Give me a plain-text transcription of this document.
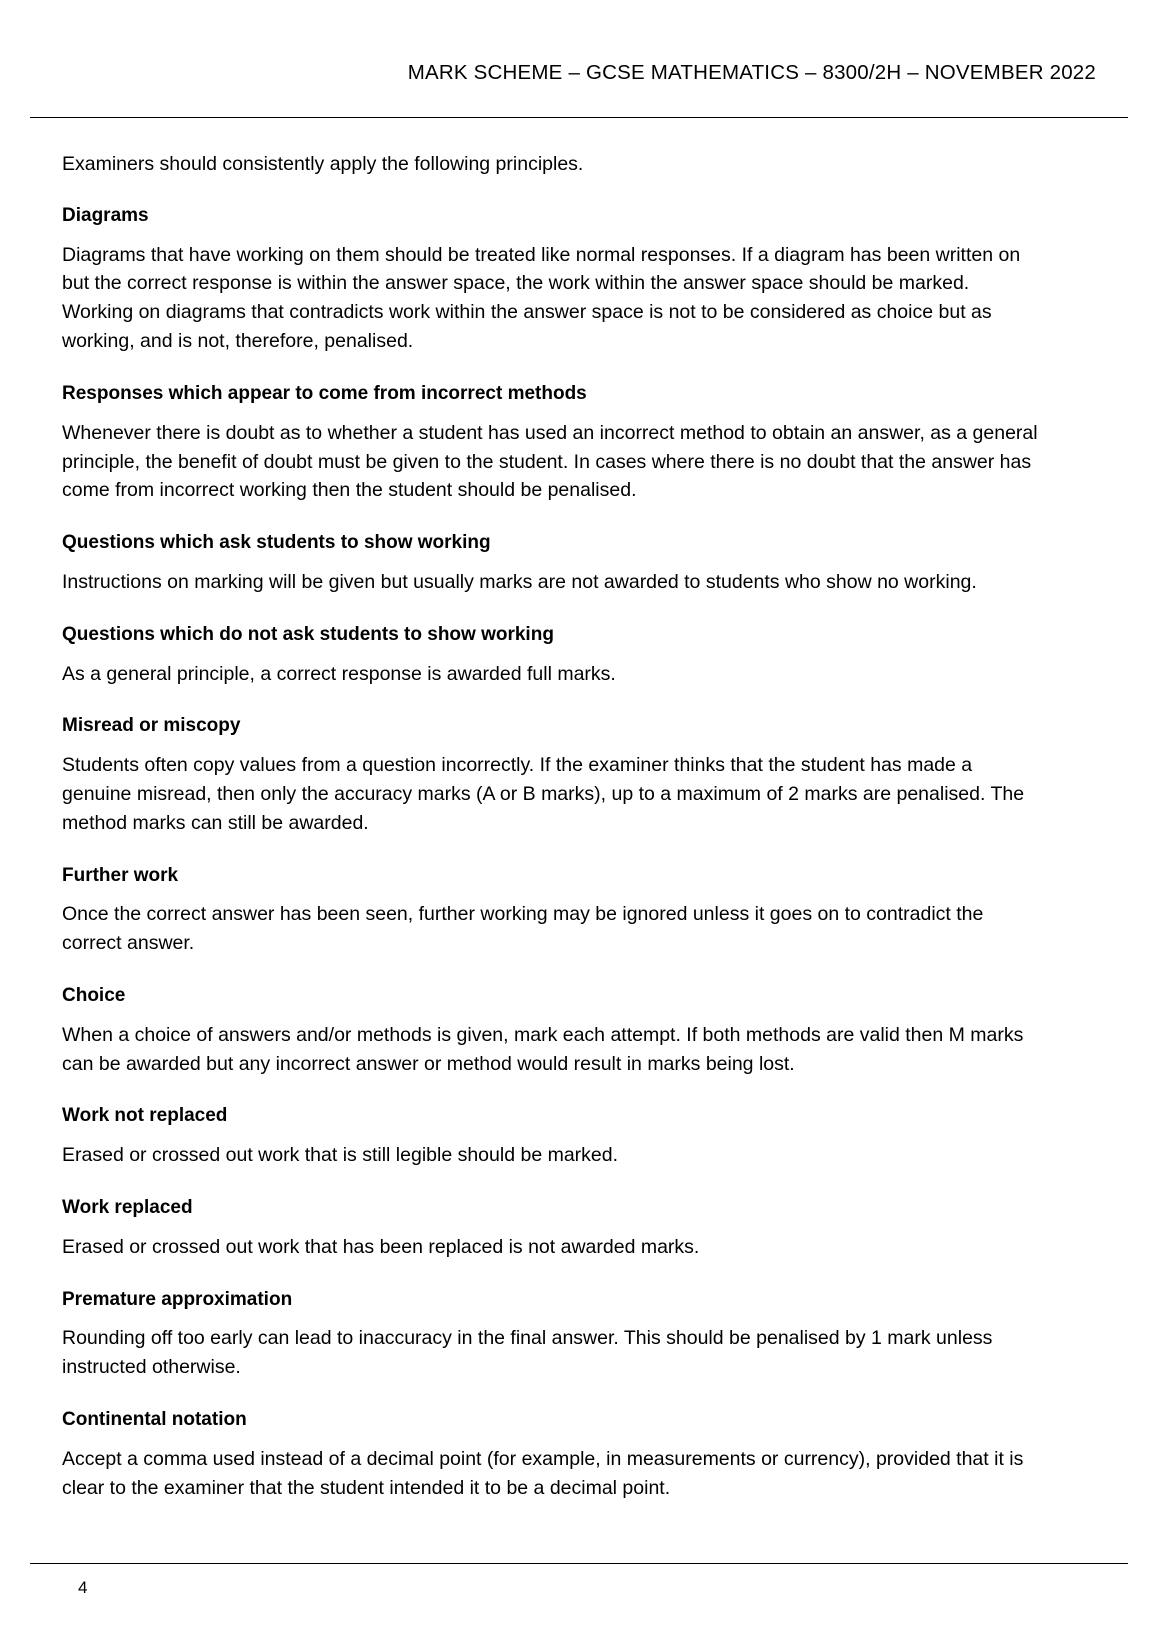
MARK SCHEME – GCSE MATHEMATICS – 8300/2H – NOVEMBER 2022

Examiners should consistently apply the following principles.

Diagrams

Diagrams that have working on them should be treated like normal responses. If a diagram has been written on but the correct response is within the answer space, the work within the answer space should be marked. Working on diagrams that contradicts work within the answer space is not to be considered as choice but as working, and is not, therefore, penalised.

Responses which appear to come from incorrect methods

Whenever there is doubt as to whether a student has used an incorrect method to obtain an answer, as a general principle, the benefit of doubt must be given to the student. In cases where there is no doubt that the answer has come from incorrect working then the student should be penalised.

Questions which ask students to show working

Instructions on marking will be given but usually marks are not awarded to students who show no working.

Questions which do not ask students to show working

As a general principle, a correct response is awarded full marks.

Misread or miscopy

Students often copy values from a question incorrectly. If the examiner thinks that the student has made a genuine misread, then only the accuracy marks (A or B marks), up to a maximum of 2 marks are penalised. The method marks can still be awarded.

Further work

Once the correct answer has been seen, further working may be ignored unless it goes on to contradict the correct answer.

Choice

When a choice of answers and/or methods is given, mark each attempt. If both methods are valid then M marks can be awarded but any incorrect answer or method would result in marks being lost.

Work not replaced

Erased or crossed out work that is still legible should be marked.

Work replaced

Erased or crossed out work that has been replaced is not awarded marks.

Premature approximation

Rounding off too early can lead to inaccuracy in the final answer. This should be penalised by 1 mark unless instructed otherwise.

Continental notation

Accept a comma used instead of a decimal point (for example, in measurements or currency), provided that it is clear to the examiner that the student intended it to be a decimal point.

4
